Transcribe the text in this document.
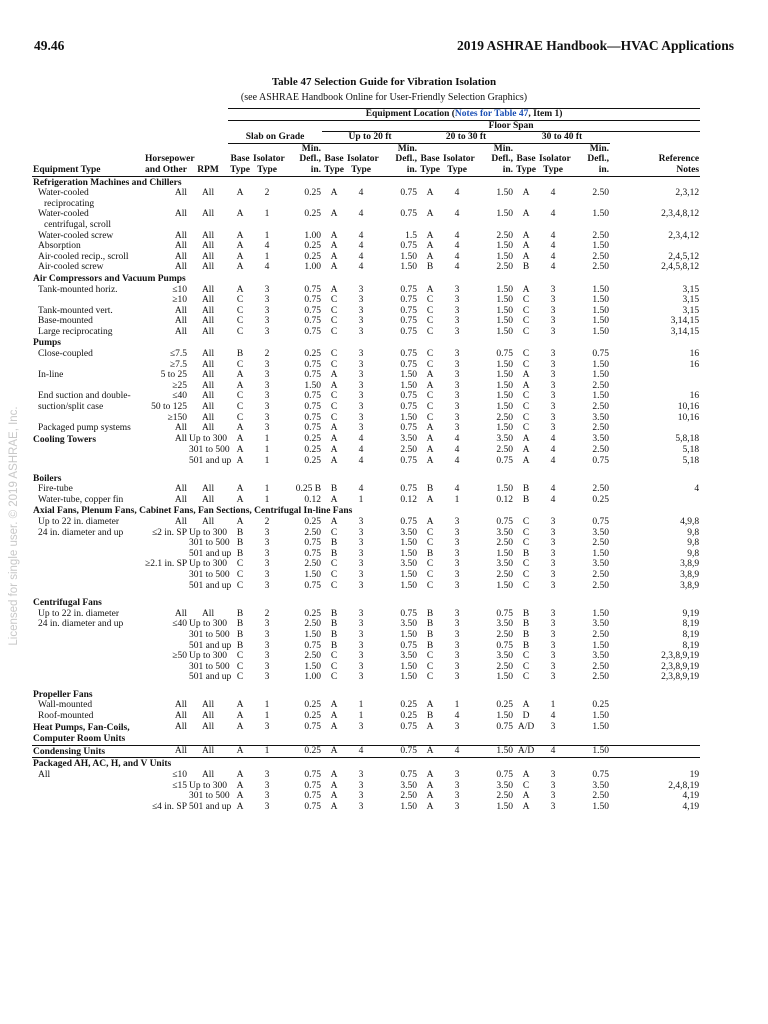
49.46	2019 ASHRAE Handbook—HVAC Applications
Licensed for single user. © 2019 ASHRAE, Inc.
Table 47 Selection Guide for Vibration Isolation
(see ASHRAE Handbook Online for User-Friendly Selection Graphics)
			Equipment Location (Notes for Table 47, Item 1)												
						Floor Span									
			Slab on Grade			Up to 20 ft			20 to 30 ft			30 to 40 ft			
					Min.			Min.			Min.			Min.	
	Horsepower		Base	Isolator	Defl.,	Base	Isolator	Defl.,	Base	Isolator	Defl.,	Base	Isolator	Defl.,	Reference
Equipment Type	and Other	RPM	Type	Type	in.	Type	Type	in.	Type	Type	in.	Type	Type	in.	Notes
Refrigeration Machines and Chillers															
Water-cooled	All	All	A	2	0.25	A	4	0.75	A	4	1.50	A	4	2.50	2,3,12
reciprocating															
Water-cooled	All	All	A	1	0.25	A	4	0.75	A	4	1.50	A	4	1.50	2,3,4,8,12
centrifugal, scroll															
Water-cooled screw	All	All	A	1	1.00	A	4	1.5	A	4	2.50	A	4	2.50	2,3,4,12
Absorption	All	All	A	4	0.25	A	4	0.75	A	4	1.50	A	4	1.50	
Air-cooled recip., scroll	All	All	A	1	0.25	A	4	1.50	A	4	1.50	A	4	2.50	2,4,5,12
Air-cooled screw	All	All	A	4	1.00	A	4	1.50	B	4	2.50	B	4	2.50	2,4,5,8,12
Air Compressors and Vacuum Pumps															
Tank-mounted horiz.	≤10	All	A	3	0.75	A	3	0.75	A	3	1.50	A	3	1.50	3,15
	≥10	All	C	3	0.75	C	3	0.75	C	3	1.50	C	3	1.50	3,15
Tank-mounted vert.	All	All	C	3	0.75	C	3	0.75	C	3	1.50	C	3	1.50	3,15
Base-mounted	All	All	C	3	0.75	C	3	0.75	C	3	1.50	C	3	1.50	3,14,15
Large reciprocating	All	All	C	3	0.75	C	3	0.75	C	3	1.50	C	3	1.50	3,14,15
Pumps															
Close-coupled	≤7.5	All	B	2	0.25	C	3	0.75	C	3	0.75	C	3	0.75	16
	≥7.5	All	C	3	0.75	C	3	0.75	C	3	1.50	C	3	1.50	16
In-line	5 to 25	All	A	3	0.75	A	3	1.50	A	3	1.50	A	3	1.50	
	≥25	All	A	3	1.50	A	3	1.50	A	3	1.50	A	3	2.50	
End suction and double-	≤40	All	C	3	0.75	C	3	0.75	C	3	1.50	C	3	1.50	16
suction/split case	50 to 125	All	C	3	0.75	C	3	0.75	C	3	1.50	C	3	2.50	10,16
	≥150	All	C	3	0.75	C	3	1.50	C	3	2.50	C	3	3.50	10,16
Packaged pump systems	All	All	A	3	0.75	A	3	0.75	A	3	1.50	C	3	2.50	
Cooling Towers	All	Up to 300	A	1	0.25	A	4	3.50	A	4	3.50	A	4	3.50	5,8,18
		301 to 500	A	1	0.25	A	4	2.50	A	4	2.50	A	4	2.50	5,18
		501 and up	A	1	0.25	A	4	0.75	A	4	0.75	A	4	0.75	5,18

Boilers															
Fire-tube	All	All	A	1	0.25 B	B	4	0.75	B	4	1.50	B	4	2.50	4
Water-tube, copper fin	All	All	A	1	0.12	A	1	0.12	A	1	0.12	B	4	0.25	
Axial Fans, Plenum Fans, Cabinet Fans, Fan Sections, Centrifugal In-line Fans															
Up to 22 in. diameter	All	All	A	2	0.25	A	3	0.75	A	3	0.75	C	3	0.75	4,9,8
24 in. diameter and up	≤2 in. SP	Up to 300	B	3	2.50	C	3	3.50	C	3	3.50	C	3	3.50	9,8
		301 to 500	B	3	0.75	B	3	1.50	C	3	2.50	C	3	2.50	9,8
		501 and up	B	3	0.75	B	3	1.50	B	3	1.50	B	3	1.50	9,8
	≥2.1 in. SP	Up to 300	C	3	2.50	C	3	3.50	C	3	3.50	C	3	3.50	3,8,9
		301 to 500	C	3	1.50	C	3	1.50	C	3	2.50	C	3	2.50	3,8,9
		501 and up	C	3	0.75	C	3	1.50	C	3	1.50	C	3	2.50	3,8,9

Centrifugal Fans															
Up to 22 in. diameter	All	All	B	2	0.25	B	3	0.75	B	3	0.75	B	3	1.50	9,19
24 in. diameter and up	≤40	Up to 300	B	3	2.50	B	3	3.50	B	3	3.50	B	3	3.50	8,19
		301 to 500	B	3	1.50	B	3	1.50	B	3	2.50	B	3	2.50	8,19
		501 and up	B	3	0.75	B	3	0.75	B	3	0.75	B	3	1.50	8,19
	≥50	Up to 300	C	3	2.50	C	3	3.50	C	3	3.50	C	3	3.50	2,3,8,9,19
		301 to 500	C	3	1.50	C	3	1.50	C	3	2.50	C	3	2.50	2,3,8,9,19
		501 and up	C	3	1.00	C	3	1.50	C	3	1.50	C	3	2.50	2,3,8,9,19

Propeller Fans															
Wall-mounted	All	All	A	1	0.25	A	1	0.25	A	1	0.25	A	1	0.25	
Roof-mounted	All	All	A	1	0.25	A	1	0.25	B	4	1.50	D	4	1.50	
Heat Pumps, Fan-Coils,	All	All	A	3	0.75	A	3	0.75	A	3	0.75	A/D	3	1.50	
Computer Room Units															
Condensing Units	All	All	A	1	0.25	A	4	0.75	A	4	1.50	A/D	4	1.50	
Packaged AH, AC, H, and V Units															
All	≤10	All	A	3	0.75	A	3	0.75	A	3	0.75	A	3	0.75	19
	≤15	Up to 300	A	3	0.75	A	3	3.50	A	3	3.50	C	3	3.50	2,4,8,19
		301 to 500	A	3	0.75	A	3	2.50	A	3	2.50	A	3	2.50	4,19
	≤4 in. SP	501 and up	A	3	0.75	A	3	1.50	A	3	1.50	A	3	1.50	4,19
